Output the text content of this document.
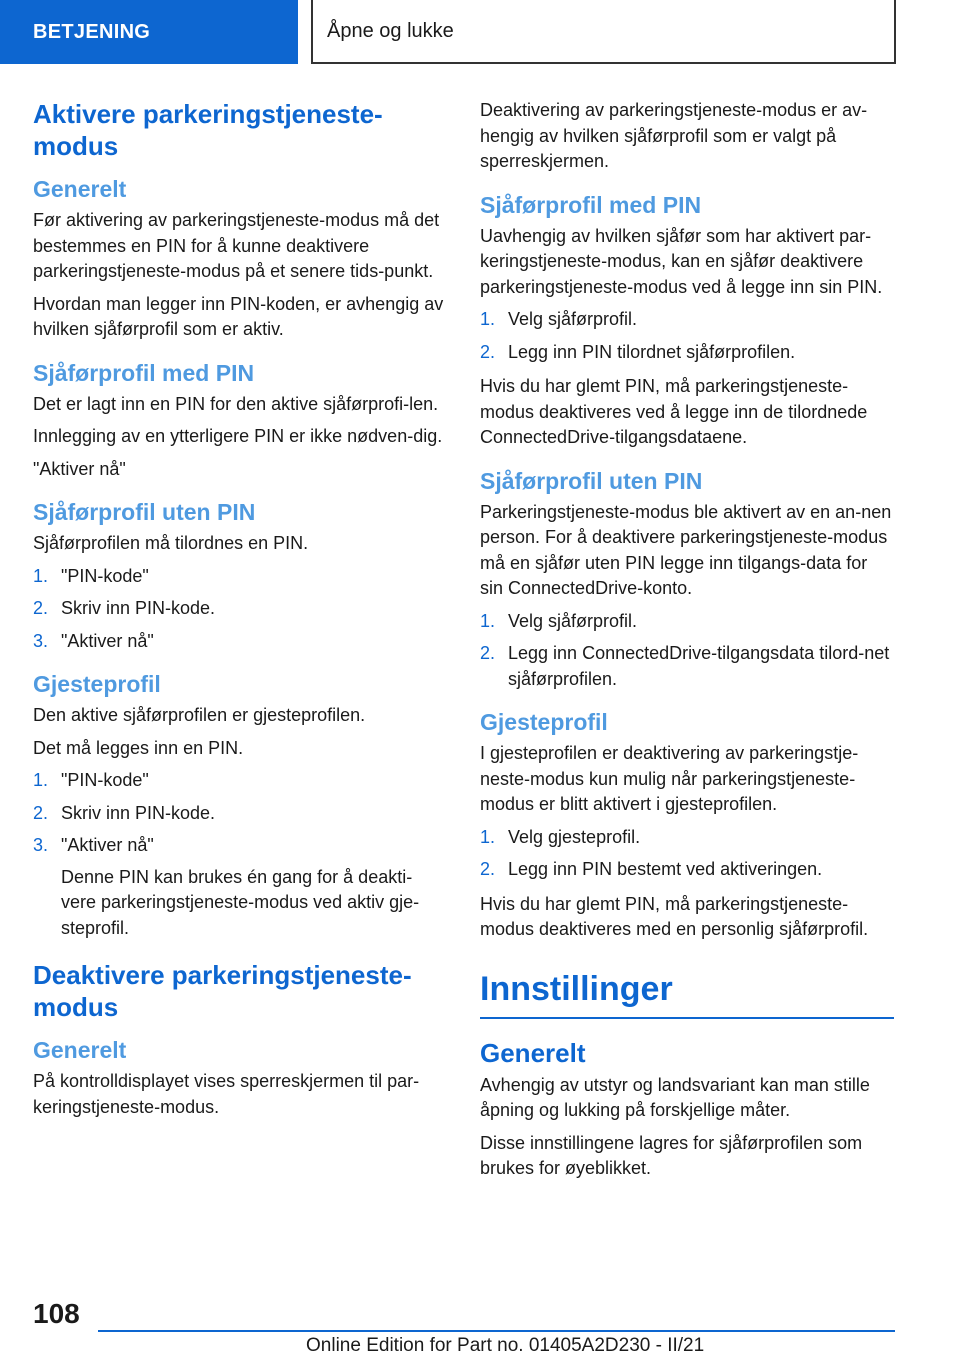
BETJENING	Åpne og lukke
Aktivere parkeringstjeneste-modus
Generelt

Før aktivering av parkeringstjeneste-modus må det bestemmes en PIN for å kunne deaktivere parkeringstjeneste-modus på et senere tids-punkt.

Hvordan man legger inn PIN-koden, er avhengig av hvilken sjåførprofil som er aktiv.

Sjåførprofil med PIN

Det er lagt inn en PIN for den aktive sjåførprofi-len.

Innlegging av en ytterligere PIN er ikke nødven-dig.

"Aktiver nå"

Sjåførprofil uten PIN

Sjåførprofilen må tilordnes en PIN.

1. "PIN-kode"
2. Skriv inn PIN-kode.
3. "Aktiver nå"
Gjesteprofil

Den aktive sjåførprofilen er gjesteprofilen.

Det må legges inn en PIN.

1. "PIN-kode"
2. Skriv inn PIN-kode.
3. "Aktiver nå"
Denne PIN kan brukes én gang for å deakti-vere parkeringstjeneste-modus ved aktiv gje-steprofil.
Deaktivere parkeringstjeneste-modus
Generelt

På kontrolldisplayet vises sperreskjermen til par-keringstjeneste-modus.

Deaktivering av parkeringstjeneste-modus er av-hengig av hvilken sjåførprofil som er valgt på sperreskjermen.

Sjåførprofil med PIN

Uavhengig av hvilken sjåfør som har aktivert par-keringstjeneste-modus, kan en sjåfør deaktivere parkeringstjeneste-modus ved å legge inn sin PIN.

1. Velg sjåførprofil.
2. Legg inn PIN tilordnet sjåførprofilen.

Hvis du har glemt PIN, må parkeringstjeneste-modus deaktiveres ved å legge inn de tilordnede ConnectedDrive-tilgangsdataene.

Sjåførprofil uten PIN

Parkeringstjeneste-modus ble aktivert av en an-nen person. For å deaktivere parkeringstjeneste-modus må en sjåfør uten PIN legge inn tilgangs-data for sin ConnectedDrive-konto.

1. Velg sjåførprofil.
2. Legg inn ConnectedDrive-tilgangsdata tilord-net sjåførprofilen.
Gjesteprofil

I gjesteprofilen er deaktivering av parkeringstje-neste-modus kun mulig når parkeringstjeneste-modus er blitt aktivert i gjesteprofilen.

1. Velg gjesteprofil.
2. Legg inn PIN bestemt ved aktiveringen.

Hvis du har glemt PIN, må parkeringstjeneste-modus deaktiveres med en personlig sjåførprofil.

Innstillinger
Generelt

Avhengig av utstyr og landsvariant kan man stille åpning og lukking på forskjellige måter.

Disse innstillingene lagres for sjåførprofilen som brukes for øyeblikket.

108
Online Edition for Part no. 01405A2D230 - II/21
